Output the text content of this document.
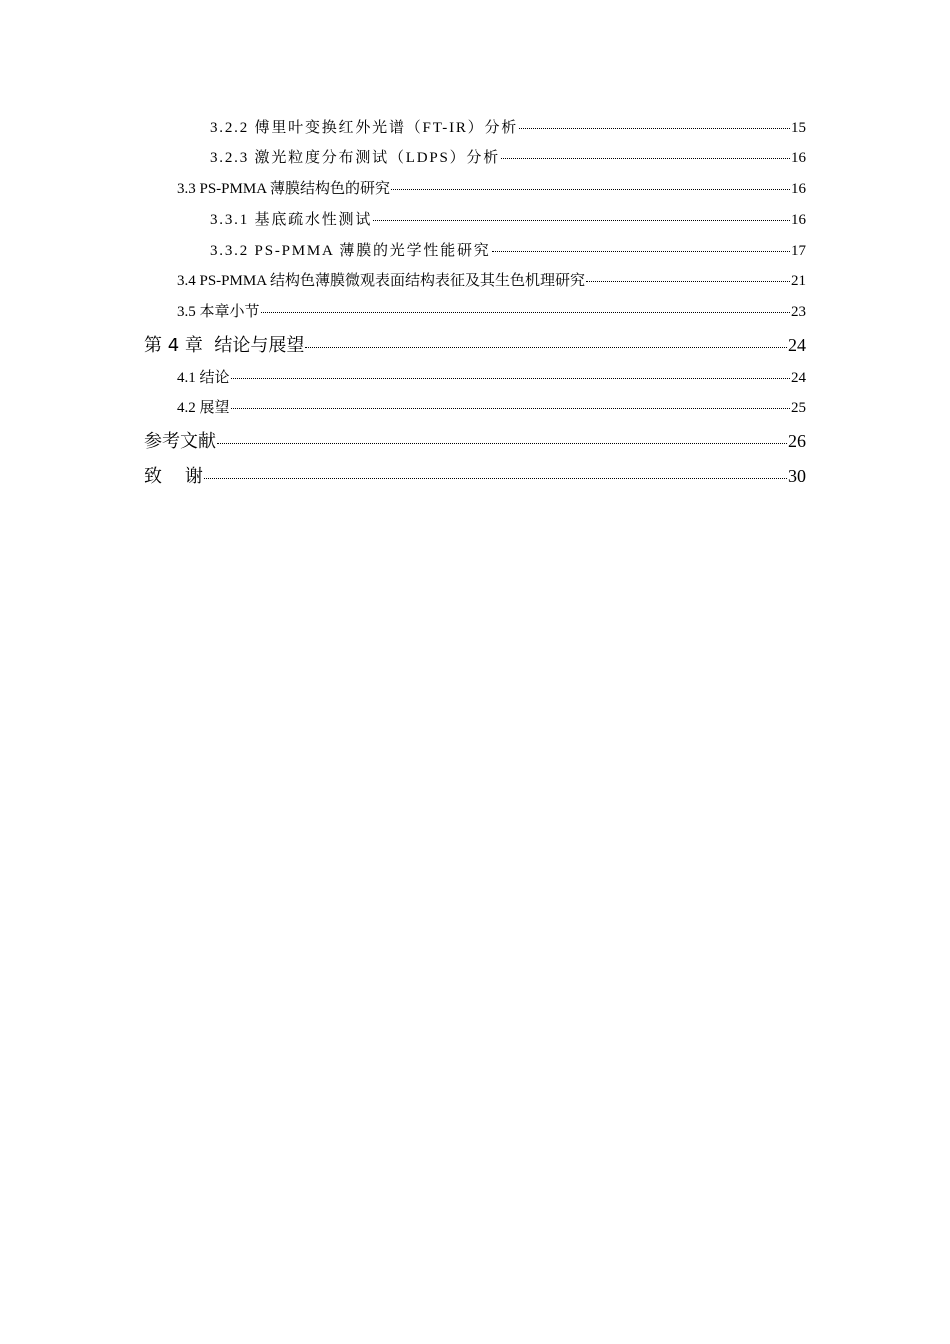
3.2.2 傅里叶变换红外光谱（FT-IR）分析	15
3.2.3 激光粒度分布测试（LDPS）分析	16
3.3 PS-PMMA 薄膜结构色的研究	16
3.3.1 基底疏水性测试	16
3.3.2 PS-PMMA 薄膜的光学性能研究	17
3.4 PS-PMMA 结构色薄膜微观表面结构表征及其生色机理研究	21
3.5 本章小节	23
第 4 章  结论与展望	24
4.1 结论	24
4.2 展望	25
参考文献	26
致    谢	30
